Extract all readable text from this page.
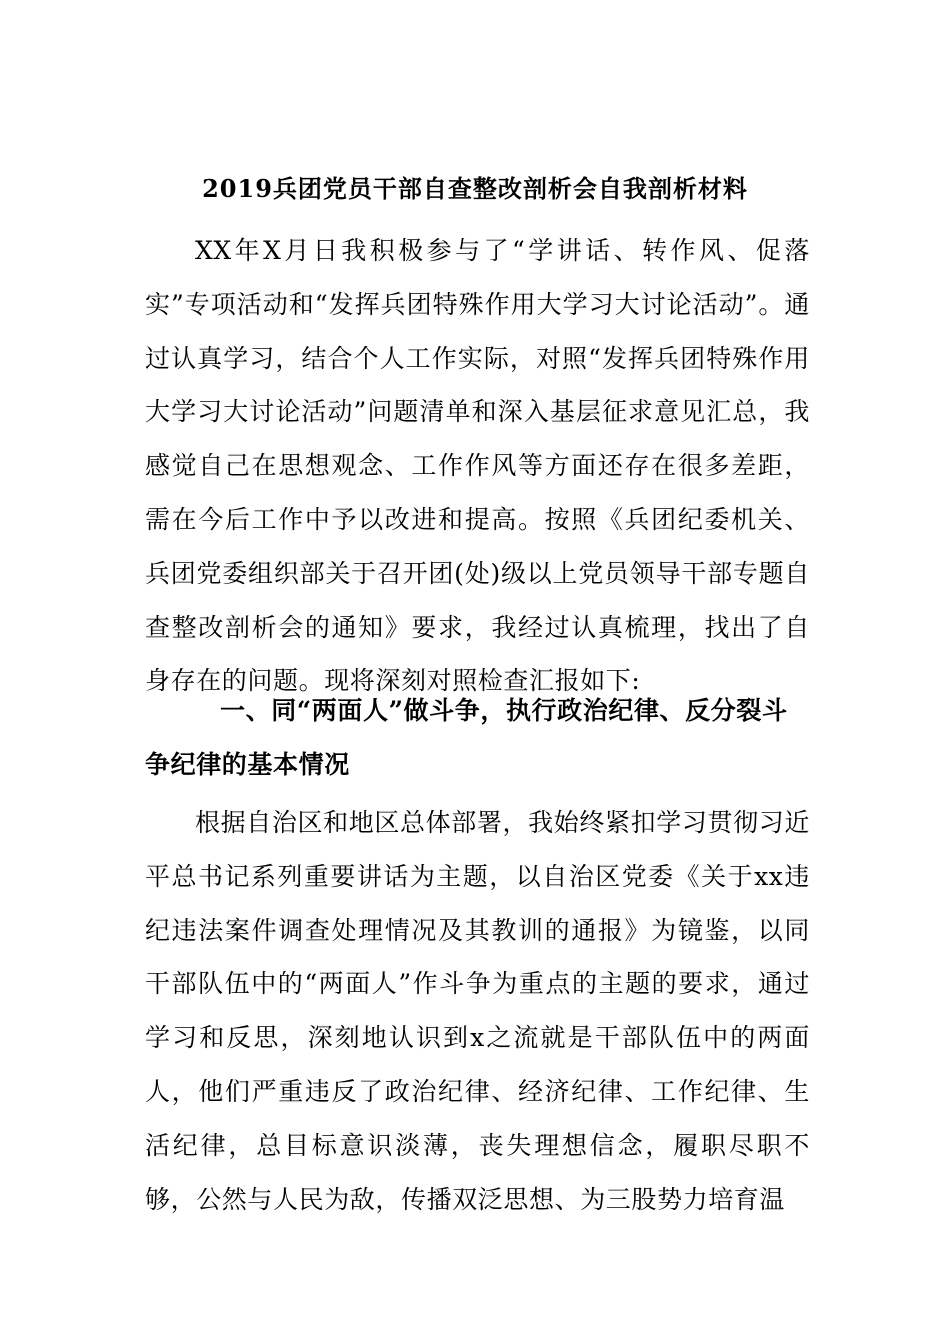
2019兵团党员干部自查整改剖析会自我剖析材料

XX年X月日我积极参与了“学讲话、转作风、促落实”专项活动和“发挥兵团特殊作用大学习大讨论活动”。通过认真学习，结合个人工作实际，对照“发挥兵团特殊作用大学习大讨论活动”问题清单和深入基层征求意见汇总，我感觉自己在思想观念、工作作风等方面还存在很多差距，需在今后工作中予以改进和提高。按照《兵团纪委机关、兵团党委组织部关于召开团(处)级以上党员领导干部专题自查整改剖析会的通知》要求，我经过认真梳理，找出了自身存在的问题。现将深刻对照检查汇报如下:

一、同“两面人”做斗争，执行政治纪律、反分裂斗争纪律的基本情况

根据自治区和地区总体部署，我始终紧扣学习贯彻习近平总书记系列重要讲话为主题，以自治区党委《关于xx违纪违法案件调查处理情况及其教训的通报》为镜鉴，以同干部队伍中的“两面人”作斗争为重点的主题的要求，通过学习和反思，深刻地认识到x之流就是干部队伍中的两面人，他们严重违反了政治纪律、经济纪律、工作纪律、生活纪律，总目标意识淡薄，丧失理想信念，履职尽职不够，公然与人民为敌，传播双泛思想、为三股势力培育温
